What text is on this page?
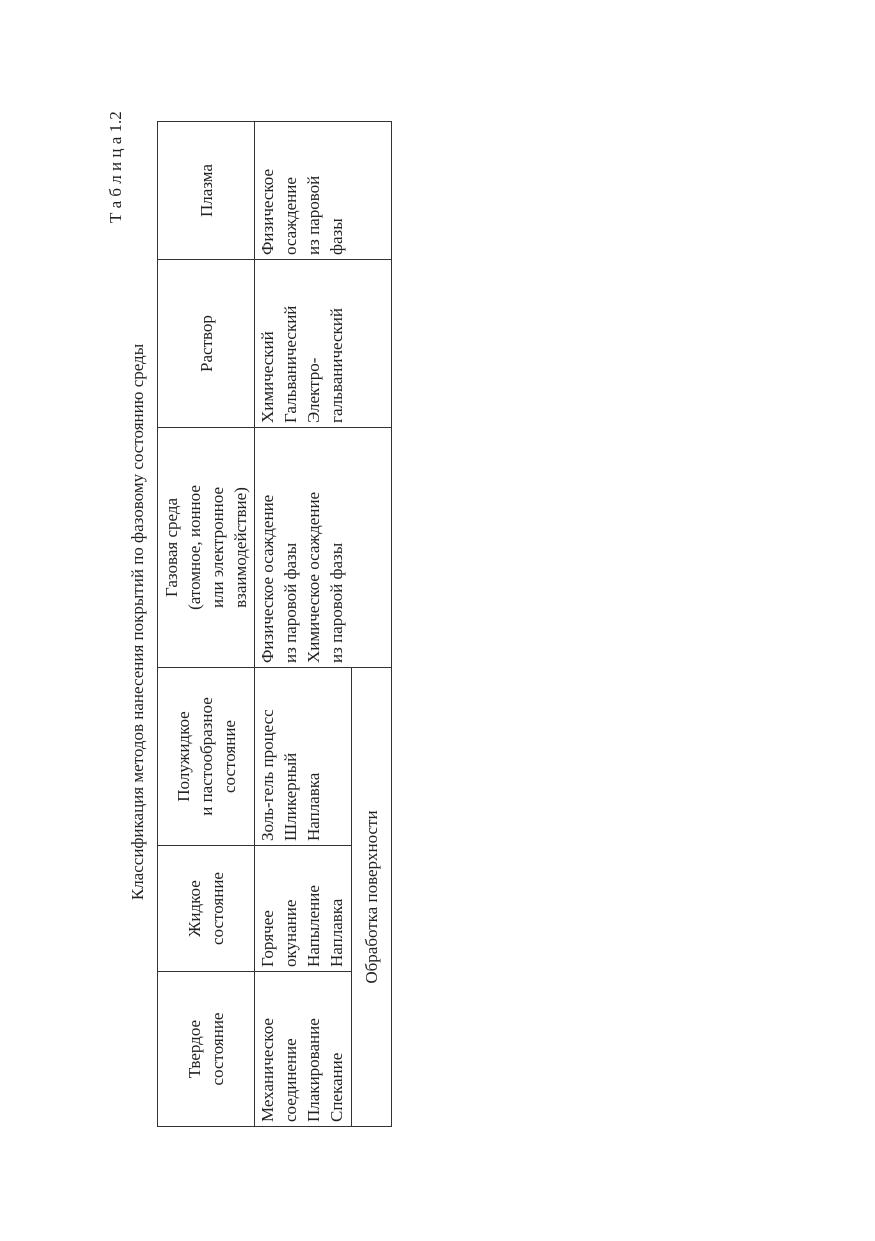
Т а б л и ц а 1.2
Классификация методов нанесения покрытий по фазовому состоянию среды
Твердое состояние	Жидкое состояние	Полужидкое и пастообразное состояние	Газовая среда (атомное, ионное или электронное взаимодействие)	Раствор	Плазма

Механическое соединение Плакирование Спекание	Горячее окунание Напыление Наплавка	Золь-гель процесс Шликерный Наплавка	Физическое осаждение из паровой фазы Химическое осаждение из паровой фазы	Химический Гальванический Электро- гальванический	Физическое осаждение из паровой фазы

Обработка поверхности					
